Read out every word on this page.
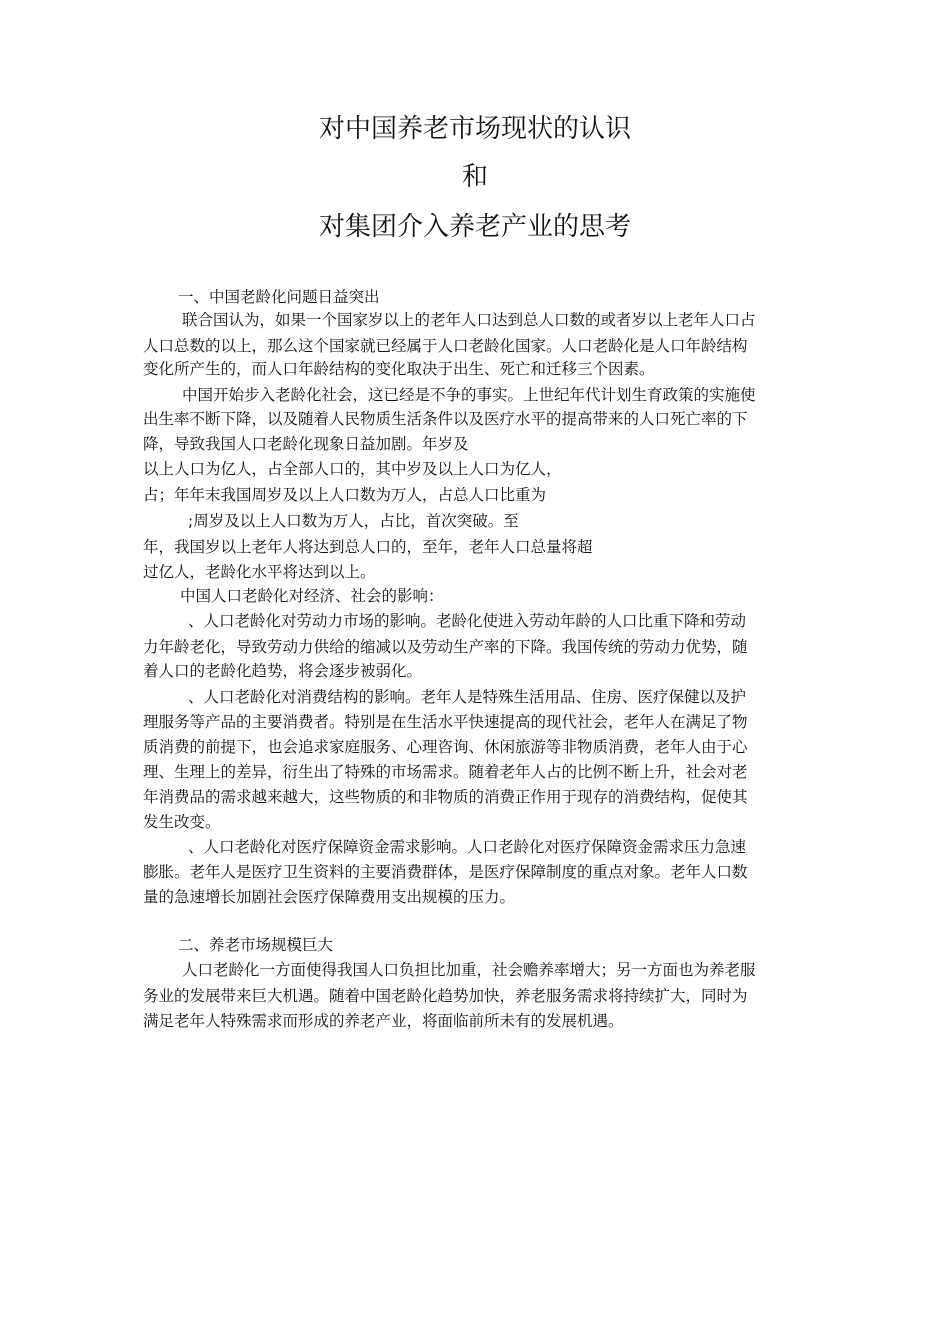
对中国养老市场现状的认识
和
对集团介入养老产业的思考
一、中国老龄化问题日益突出
联合国认为，如果一个国家岁以上的老年人口达到总人口数的或者岁以上老年人口占
人口总数的以上，那么这个国家就已经属于人口老龄化国家。人口老龄化是人口年龄结构
变化所产生的，而人口年龄结构的变化取决于出生、死亡和迁移三个因素。
中国开始步入老龄化社会，这已经是不争的事实。上世纪年代计划生育政策的实施使
出生率不断下降，以及随着人民物质生活条件以及医疗水平的提高带来的人口死亡率的下
降，导致我国人口老龄化现象日益加剧。年岁及
以上人口为亿人，占全部人口的，其中岁及以上人口为亿人，
占；年年末我国周岁及以上人口数为万人，占总人口比重为
;周岁及以上人口数为万人，占比，首次突破。至
年，我国岁以上老年人将达到总人口的，至年，老年人口总量将超
过亿人，老龄化水平将达到以上。
中国人口老龄化对经济、社会的影响：
、人口老龄化对劳动力市场的影响。老龄化使进入劳动年龄的人口比重下降和劳动
力年龄老化，导致劳动力供给的缩减以及劳动生产率的下降。我国传统的劳动力优势，随
着人口的老龄化趋势，将会逐步被弱化。
、人口老龄化对消费结构的影响。老年人是特殊生活用品、住房、医疗保健以及护
理服务等产品的主要消费者。特别是在生活水平快速提高的现代社会，老年人在满足了物
质消费的前提下，也会追求家庭服务、心理咨询、休闲旅游等非物质消费，老年人由于心
理、生理上的差异，衍生出了特殊的市场需求。随着老年人占的比例不断上升，社会对老
年消费品的需求越来越大，这些物质的和非物质的消费正作用于现存的消费结构，促使其
发生改变。
、人口老龄化对医疗保障资金需求影响。人口老龄化对医疗保障资金需求压力急速
膨胀。老年人是医疗卫生资料的主要消费群体，是医疗保障制度的重点对象。老年人口数
量的急速增长加剧社会医疗保障费用支出规模的压力。
二、养老市场规模巨大
人口老龄化一方面使得我国人口负担比加重，社会赡养率增大；另一方面也为养老服
务业的发展带来巨大机遇。随着中国老龄化趋势加快，养老服务需求将持续扩大，同时为
满足老年人特殊需求而形成的养老产业，将面临前所未有的发展机遇。
